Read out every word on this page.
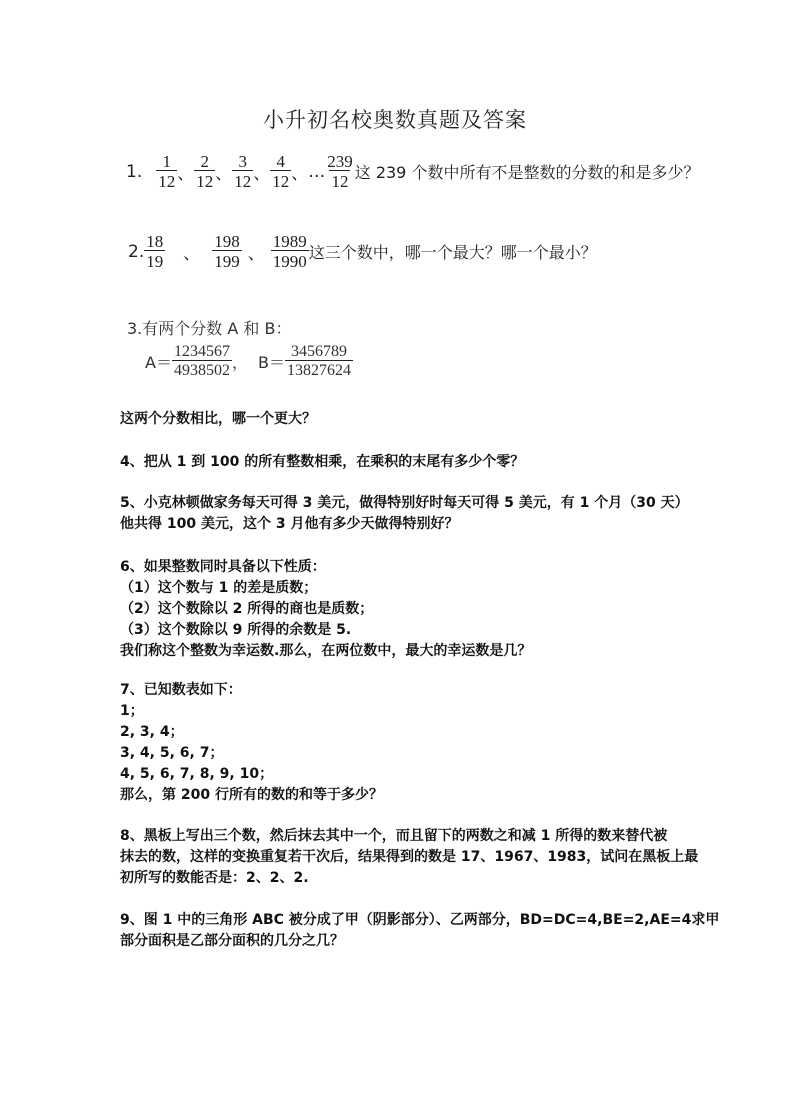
小升初名校奥数真题及答案
1. 1
12 、
2
12 、
3
12 、
4
12 、 … 239
12 这 239 个数中所有不是整数的分数的和是多少？
2. 18
19 、
198
199 、
1989
1990 这三个数中，哪一个最大？哪一个最小？
3.有两个分数 A 和 B：
A＝
1234567
4938502 ， B＝
3456789
13827624
这两个分数相比，哪一个更大？
4、把从 1 到 100 的所有整数相乘，在乘积的末尾有多少个零？
5、小克林顿做家务每天可得 3 美元，做得特别好时每天可得 5 美元，有 1 个月（30 天）
他共得 100 美元，这个 3 月他有多少天做得特别好？
6、如果整数同时具备以下性质：
（1）这个数与 1 的差是质数；
（2）这个数除以 2 所得的商也是质数；
（3）这个数除以 9 所得的余数是 5.
我们称这个整数为幸运数.那么，在两位数中，最大的幸运数是几？
7、已知数表如下：
1；
2, 3, 4；
3, 4, 5, 6, 7；
4, 5, 6, 7, 8, 9, 10；
那么，第 200 行所有的数的和等于多少？
8、黑板上写出三个数，然后抹去其中一个，而且留下的两数之和减 1 所得的数来替代被
抹去的数，这样的变换重复若干次后，结果得到的数是 17、1967、1983，试问在黑板上最
初所写的数能否是：2、2、2.
9、图 1 中的三角形 ABC 被分成了甲（阴影部分）、乙两部分，BD=DC=4,BE=2,AE=4求甲
部分面积是乙部分面积的几分之几？
